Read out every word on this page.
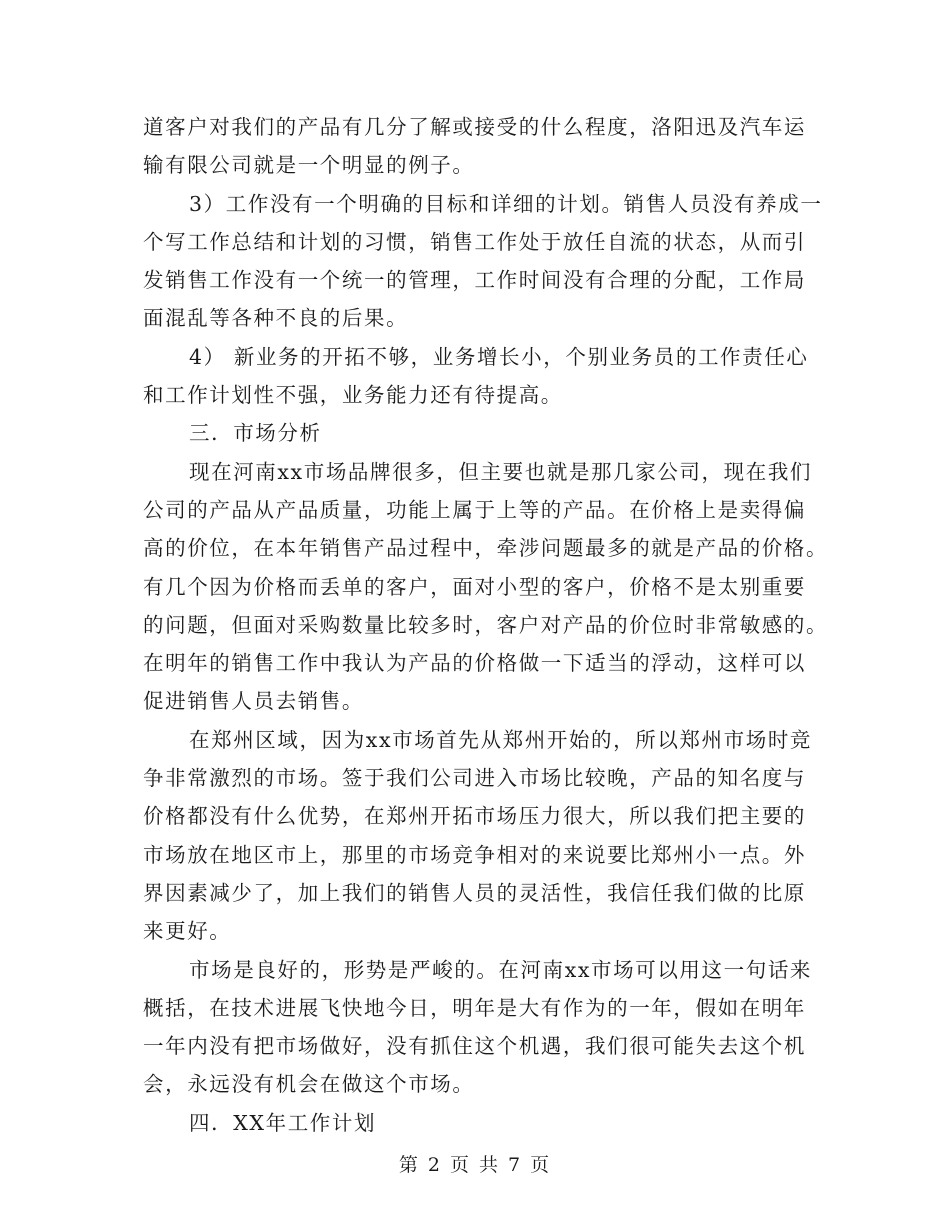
道客户对我们的产品有几分了解或接受的什么程度，洛阳迅及汽车运
输有限公司就是一个明显的例子。
3）工作没有一个明确的目标和详细的计划。销售人员没有养成一
个写工作总结和计划的习惯，销售工作处于放任自流的状态，从而引
发销售工作没有一个统一的管理，工作时间没有合理的分配，工作局
面混乱等各种不良的后果。
4） 新业务的开拓不够，业务增长小，个别业务员的工作责任心
和工作计划性不强，业务能力还有待提高。
三．市场分析
现在河南xx市场品牌很多，但主要也就是那几家公司，现在我们
公司的产品从产品质量，功能上属于上等的产品。在价格上是卖得偏
高的价位，在本年销售产品过程中，牵涉问题最多的就是产品的价格。
有几个因为价格而丢单的客户，面对小型的客户，价格不是太别重要
的问题，但面对采购数量比较多时，客户对产品的价位时非常敏感的。
在明年的销售工作中我认为产品的价格做一下适当的浮动，这样可以
促进销售人员去销售。
在郑州区域，因为xx市场首先从郑州开始的，所以郑州市场时竞
争非常激烈的市场。签于我们公司进入市场比较晚，产品的知名度与
价格都没有什么优势，在郑州开拓市场压力很大，所以我们把主要的
市场放在地区市上，那里的市场竞争相对的来说要比郑州小一点。外
界因素减少了，加上我们的销售人员的灵活性，我信任我们做的比原
来更好。
市场是良好的，形势是严峻的。在河南xx市场可以用这一句话来
概括，在技术进展飞快地今日，明年是大有作为的一年，假如在明年
一年内没有把市场做好，没有抓住这个机遇，我们很可能失去这个机
会，永远没有机会在做这个市场。
四．XX年工作计划
第 2 页 共 7 页
